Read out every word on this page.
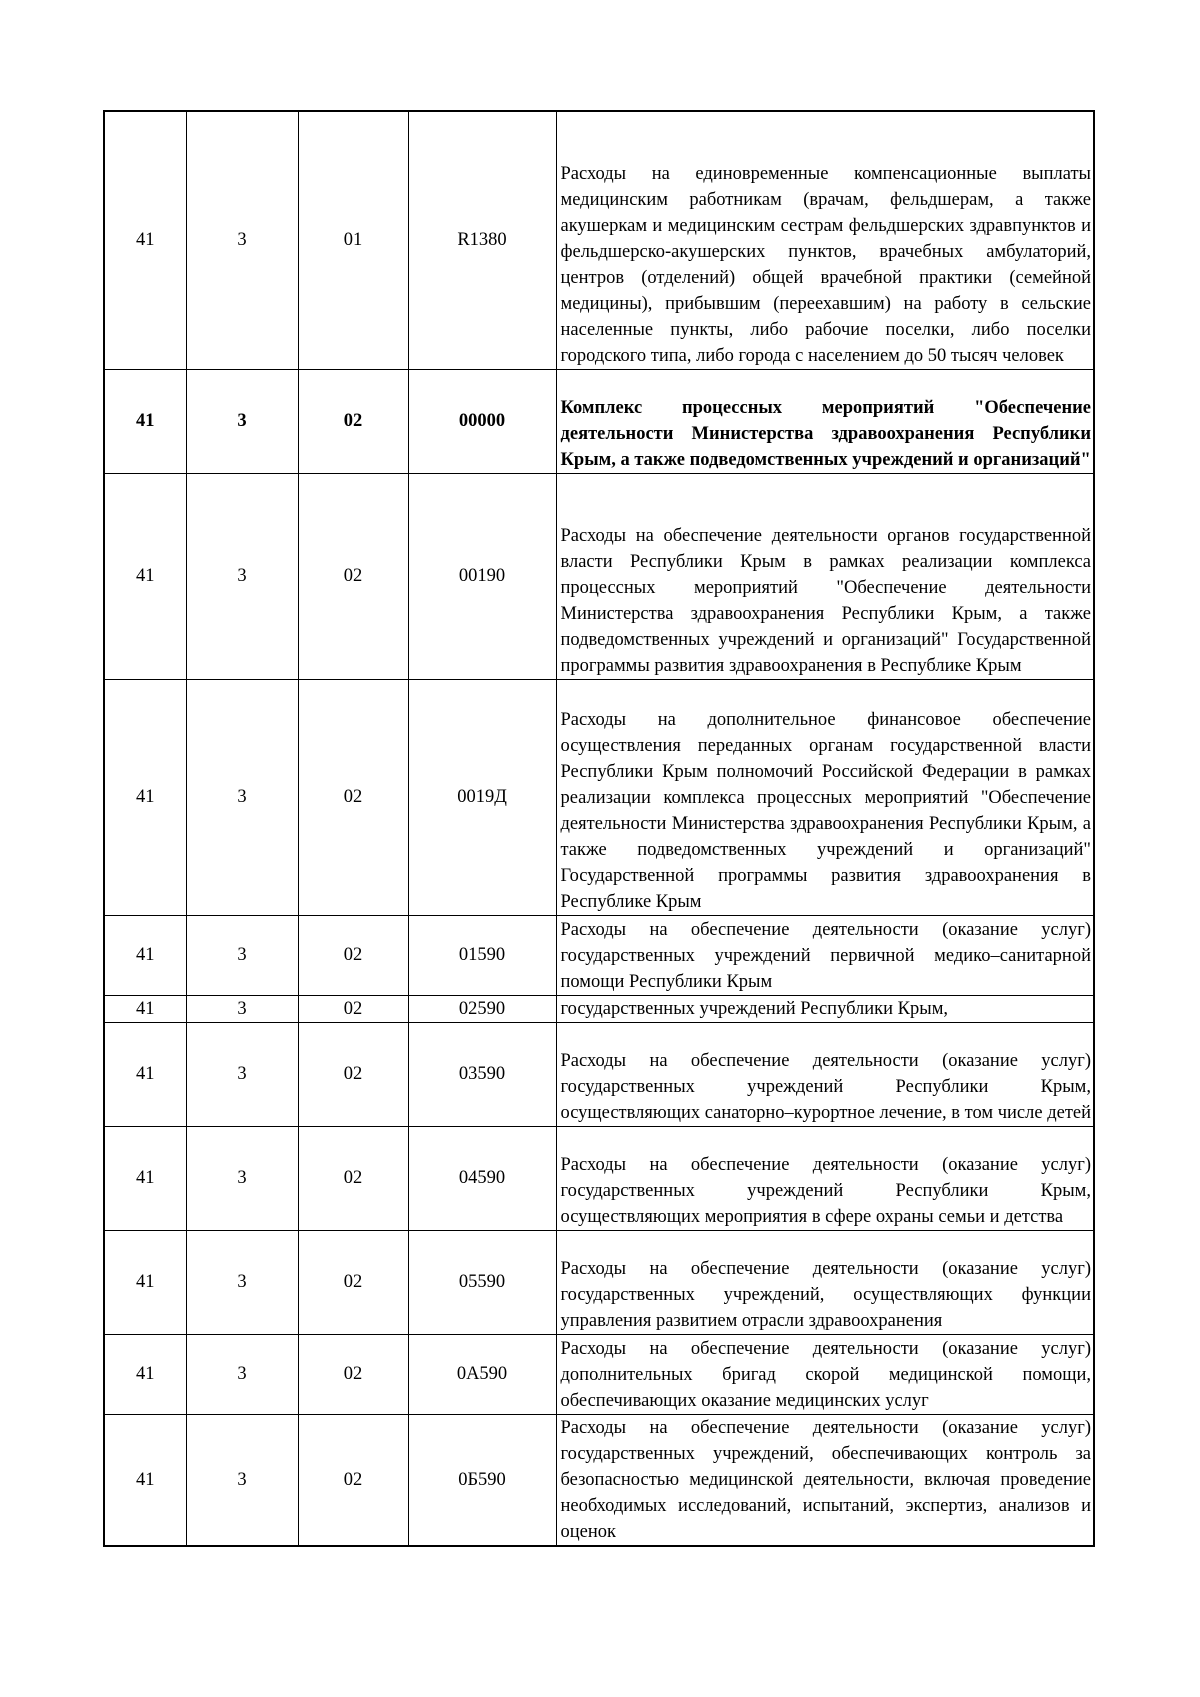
41	3	01	R1380	Расходы на единовременные компенсационные выплаты медицинским работникам (врачам, фельдшерам, а также акушеркам и медицинским сестрам фельдшерских здравпунктов и фельдшерско-акушерских пунктов, врачебных амбулаторий, центров (отделений) общей врачебной практики (семейной медицины), прибывшим (переехавшим) на работу в сельские населенные пункты, либо рабочие поселки, либо поселки городского типа, либо города с населением до 50 тысяч человек
41	3	02	00000	Комплекс процессных мероприятий "Обеспечение деятельности Министерства здравоохранения Республики Крым, а также подведомственных учреждений и организаций"
41	3	02	00190	Расходы на обеспечение деятельности органов государственной власти Республики Крым в рамках реализации комплекса процессных мероприятий "Обеспечение деятельности Министерства здравоохранения Республики Крым, а также подведомственных учреждений и организаций" Государственной программы развития здравоохранения в Республике Крым
41	3	02	0019Д	Расходы на дополнительное финансовое обеспечение осуществления переданных органам государственной власти Республики Крым полномочий Российской Федерации в рамках реализации комплекса процессных мероприятий "Обеспечение деятельности Министерства здравоохранения Республики Крым, а также подведомственных учреждений и организаций" Государственной программы развития здравоохранения в Республике Крым
41	3	02	01590	Расходы на обеспечение деятельности (оказание услуг) государственных учреждений первичной медико–санитарной помощи Республики Крым
41	3	02	02590	государственных учреждений Республики Крым,
41	3	02	03590	Расходы на обеспечение деятельности (оказание услуг) государственных учреждений Республики Крым, осуществляющих санаторно–курортное лечение, в том числе детей
41	3	02	04590	Расходы на обеспечение деятельности (оказание услуг) государственных учреждений Республики Крым, осуществляющих мероприятия в сфере охраны семьи и детства
41	3	02	05590	Расходы на обеспечение деятельности (оказание услуг) государственных учреждений, осуществляющих функции управления развитием отрасли здравоохранения
41	3	02	0А590	Расходы на обеспечение деятельности (оказание услуг) дополнительных бригад скорой медицинской помощи, обеспечивающих оказание медицинских услуг
41	3	02	0Б590	Расходы на обеспечение деятельности (оказание услуг) государственных учреждений, обеспечивающих контроль за безопасностью медицинской деятельности, включая проведение необходимых исследований, испытаний, экспертиз, анализов и оценок
